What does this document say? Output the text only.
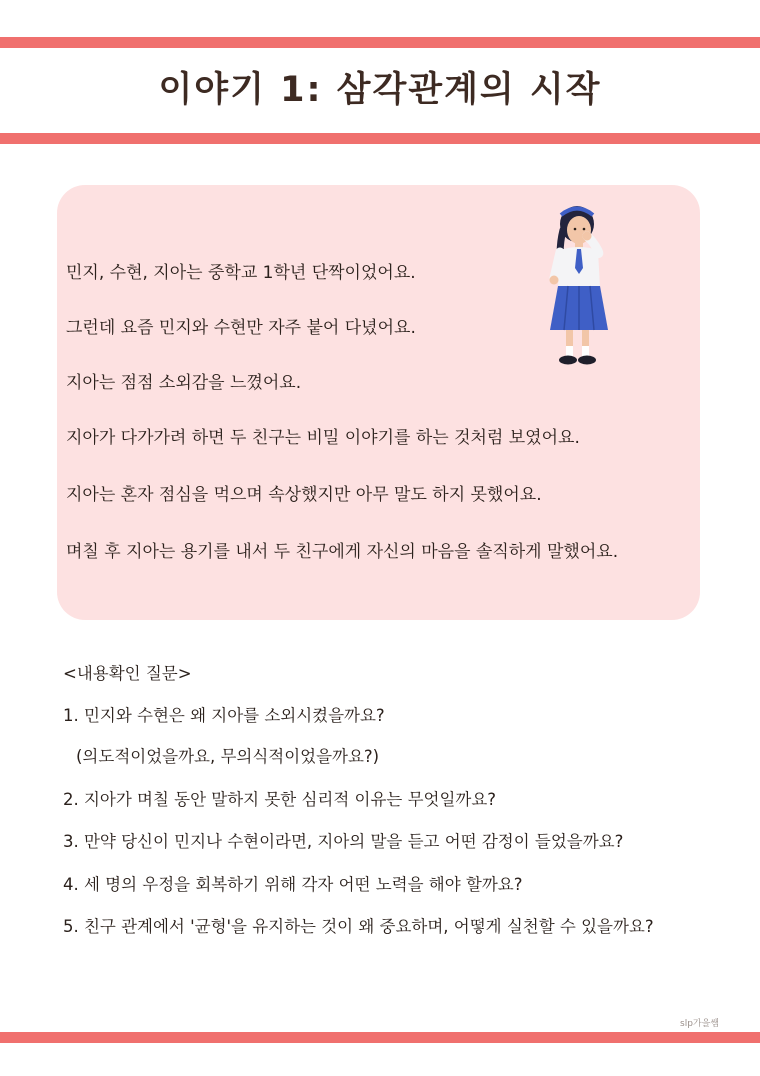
이야기 1: 삼각관계의 시작
민지, 수현, 지아는 중학교 1학년 단짝이었어요.
그런데 요즘 민지와 수현만 자주 붙어 다녔어요.
지아는 점점 소외감을 느꼈어요.
지아가 다가가려 하면 두 친구는 비밀 이야기를 하는 것처럼 보였어요.
지아는 혼자 점심을 먹으며 속상했지만 아무 말도 하지 못했어요.
며칠 후 지아는 용기를 내서 두 친구에게 자신의 마음을 솔직하게 말했어요.
<내용확인 질문>
1. 민지와 수현은 왜 지아를 소외시켰을까요?
(의도적이었을까요, 무의식적이었을까요?)
2. 지아가 며칠 동안 말하지 못한 심리적 이유는 무엇일까요?
3. 만약 당신이 민지나 수현이라면, 지아의 말을 듣고 어떤 감정이 들었을까요?
4. 세 명의 우정을 회복하기 위해 각자 어떤 노력을 해야 할까요?
5. 친구 관계에서 '균형'을 유지하는 것이 왜 중요하며, 어떻게 실천할 수 있을까요?
slp가을쌤
